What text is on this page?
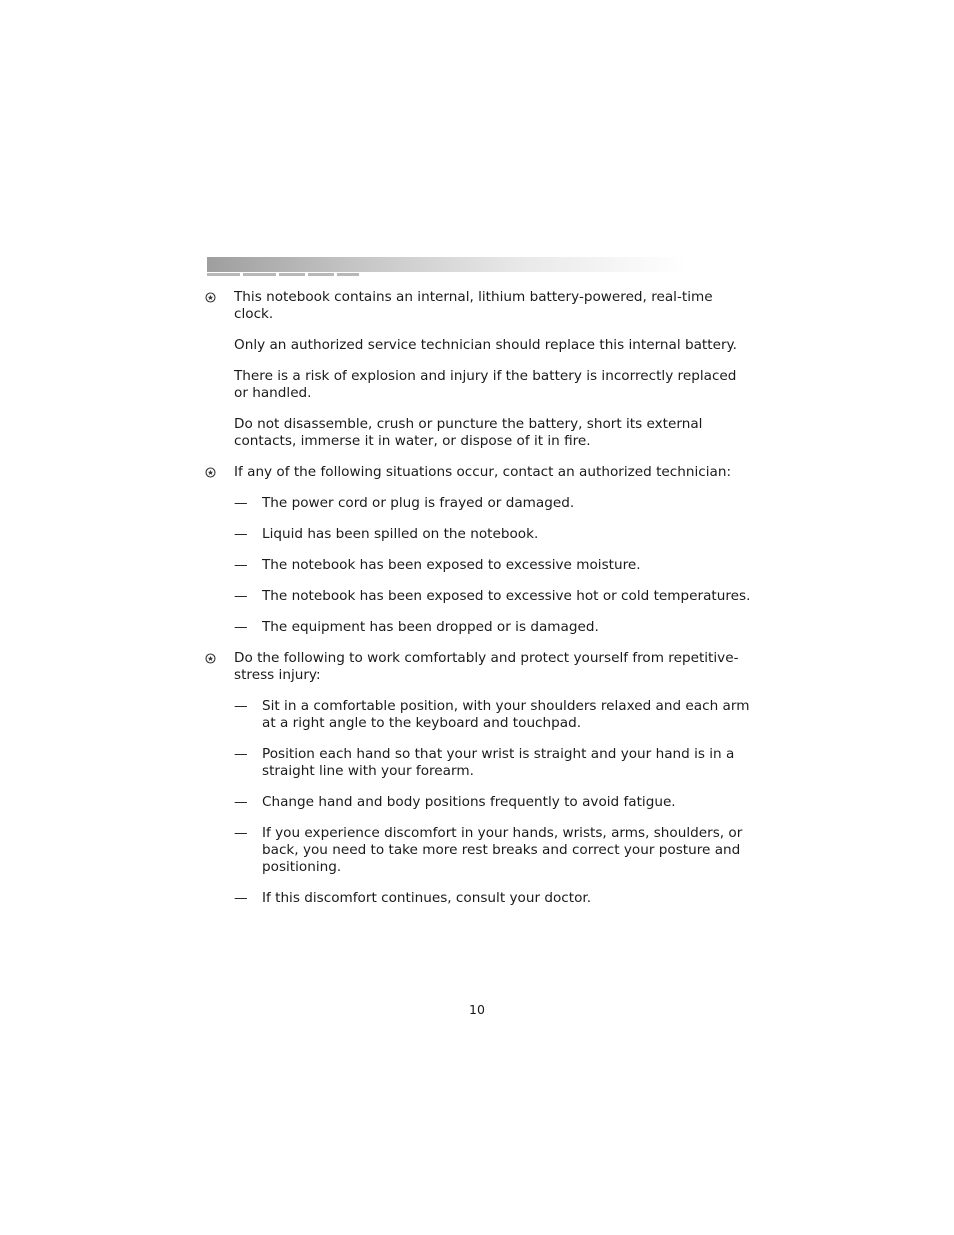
This notebook contains an internal, lithium battery-powered, real-time clock.

Only an authorized service technician should replace this internal battery.

There is a risk of explosion and injury if the battery is incorrectly replaced or handled.

Do not disassemble, crush or puncture the battery, short its external contacts, immerse it in water, or dispose of it in fire.

If any of the following situations occur, contact an authorized technician:

— The power cord or plug is frayed or damaged.
— Liquid has been spilled on the notebook.
— The notebook has been exposed to excessive moisture.
— The notebook has been exposed to excessive hot or cold temperatures.
— The equipment has been dropped or is damaged.

Do the following to work comfortably and protect yourself from repetitive-stress injury:

— Sit in a comfortable position, with your shoulders relaxed and each arm at a right angle to the keyboard and touchpad.
— Position each hand so that your wrist is straight and your hand is in a straight line with your forearm.
— Change hand and body positions frequently to avoid fatigue.
— If you experience discomfort in your hands, wrists, arms, shoulders, or back, you need to take more rest breaks and correct your posture and positioning.
— If this discomfort continues, consult your doctor.
10
